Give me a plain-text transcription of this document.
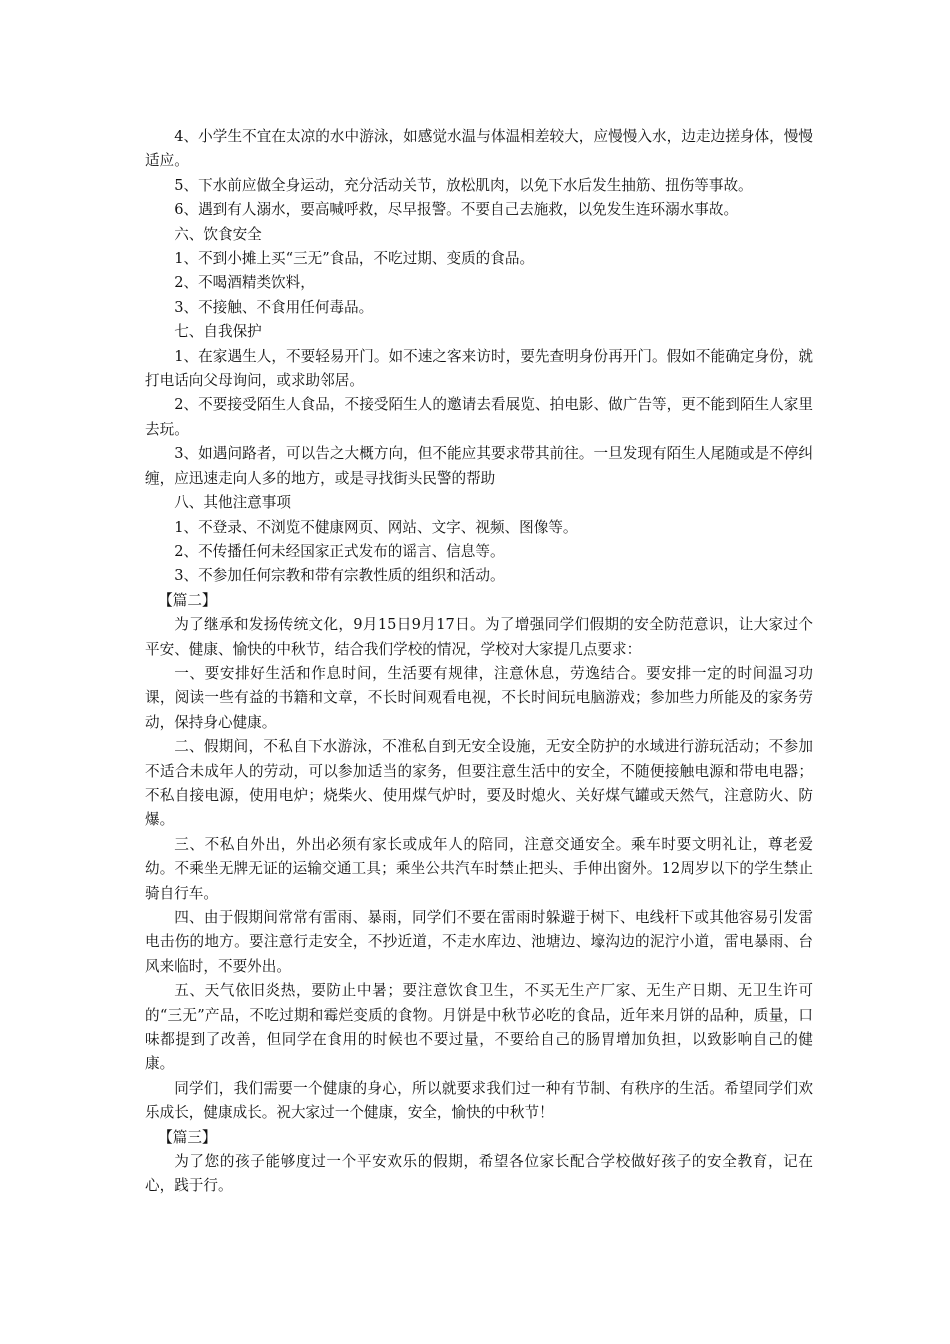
4、小学生不宜在太凉的水中游泳，如感觉水温与体温相差较大，应慢慢入水，边走边搓身体，慢慢适应。

5、下水前应做全身运动，充分活动关节，放松肌肉，以免下水后发生抽筋、扭伤等事故。

6、遇到有人溺水，要高喊呼救，尽早报警。不要自己去施救，以免发生连环溺水事故。

六、饮食安全

1、不到小摊上买“三无”食品，不吃过期、变质的食品。

2、不喝酒精类饮料，

3、不接触、不食用任何毒品。

七、自我保护

1、在家遇生人，不要轻易开门。如不速之客来访时，要先查明身份再开门。假如不能确定身份，就打电话向父母询问，或求助邻居。

2、不要接受陌生人食品，不接受陌生人的邀请去看展览、拍电影、做广告等，更不能到陌生人家里去玩。

3、如遇问路者，可以告之大概方向，但不能应其要求带其前往。一旦发现有陌生人尾随或是不停纠缠，应迅速走向人多的地方，或是寻找街头民警的帮助

八、其他注意事项

1、不登录、不浏览不健康网页、网站、文字、视频、图像等。

2、不传播任何未经国家正式发布的谣言、信息等。

3、不参加任何宗教和带有宗教性质的组织和活动。

【篇二】

为了继承和发扬传统文化，9月15日9月17日。为了增强同学们假期的安全防范意识，让大家过个平安、健康、愉快的中秋节，结合我们学校的情况，学校对大家提几点要求：

一、要安排好生活和作息时间，生活要有规律，注意休息，劳逸结合。要安排一定的时间温习功课，阅读一些有益的书籍和文章，不长时间观看电视，不长时间玩电脑游戏；参加些力所能及的家务劳动，保持身心健康。

二、假期间，不私自下水游泳，不准私自到无安全设施，无安全防护的水域进行游玩活动；不参加不适合未成年人的劳动，可以参加适当的家务，但要注意生活中的安全，不随便接触电源和带电电器；不私自接电源，使用电炉；烧柴火、使用煤气炉时，要及时熄火、关好煤气罐或天然气，注意防火、防爆。

三、不私自外出，外出必须有家长或成年人的陪同，注意交通安全。乘车时要文明礼让，尊老爱幼。不乘坐无牌无证的运输交通工具；乘坐公共汽车时禁止把头、手伸出窗外。12周岁以下的学生禁止骑自行车。

四、由于假期间常常有雷雨、暴雨，同学们不要在雷雨时躲避于树下、电线杆下或其他容易引发雷电击伤的地方。要注意行走安全，不抄近道，不走水库边、池塘边、壕沟边的泥泞小道，雷电暴雨、台风来临时，不要外出。

五、天气依旧炎热，要防止中暑；要注意饮食卫生，不买无生产厂家、无生产日期、无卫生许可的“三无”产品，不吃过期和霉烂变质的食物。月饼是中秋节必吃的食品，近年来月饼的品种，质量，口味都提到了改善，但同学在食用的时候也不要过量，不要给自己的肠胃增加负担，以致影响自己的健康。

同学们，我们需要一个健康的身心，所以就要求我们过一种有节制、有秩序的生活。希望同学们欢乐成长，健康成长。祝大家过一个健康，安全，愉快的中秋节！

【篇三】

为了您的孩子能够度过一个平安欢乐的假期，希望各位家长配合学校做好孩子的安全教育，记在心，践于行。
